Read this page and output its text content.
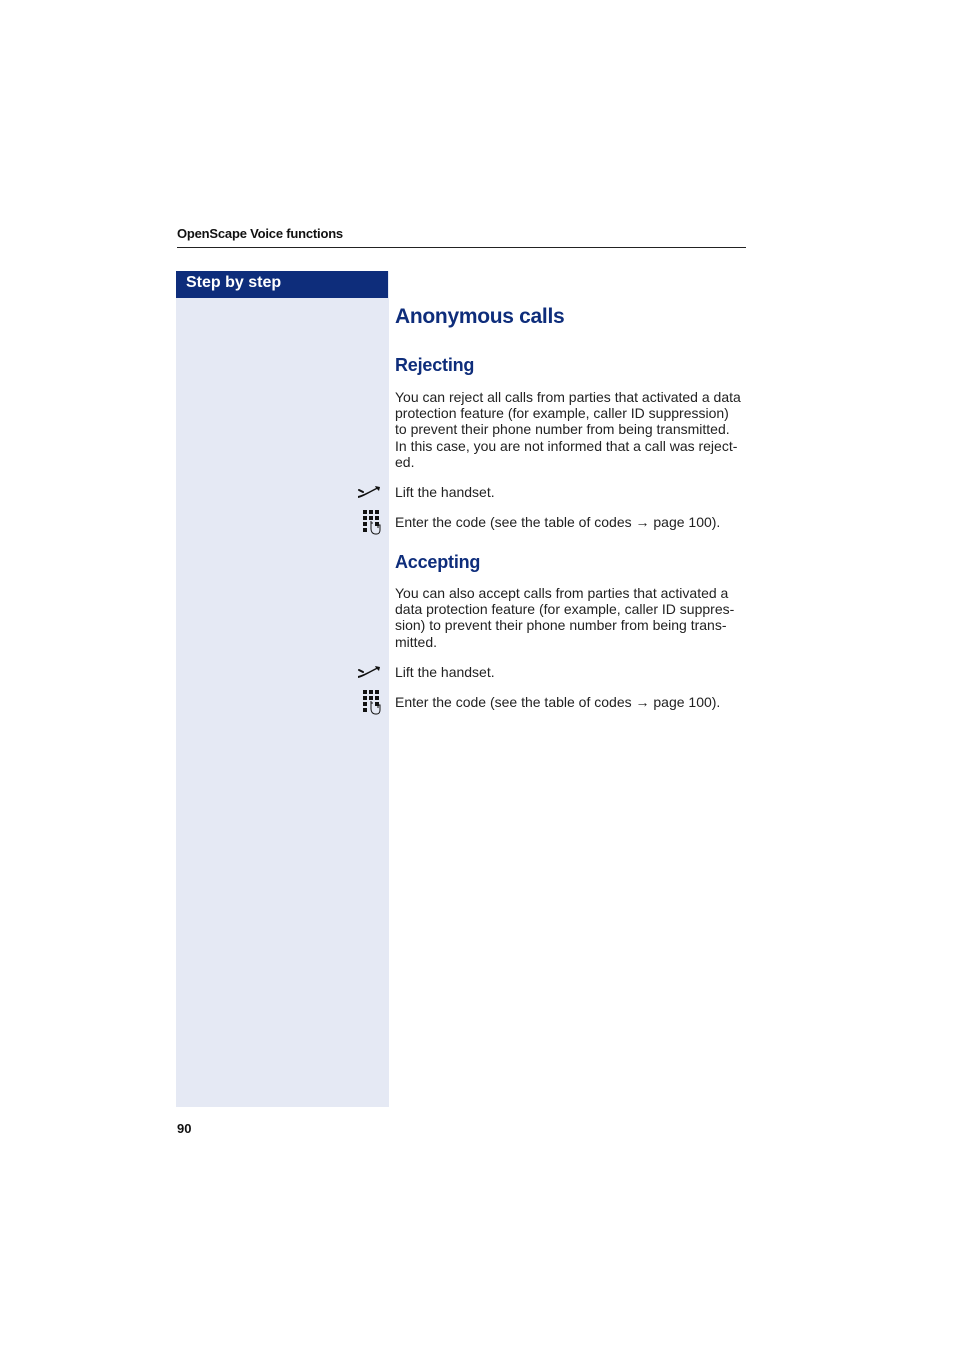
OpenScape Voice functions
Step by step
Anonymous calls
Rejecting

You can reject all calls from parties that activated a data
protection feature (for example, caller ID suppression)
to prevent their phone number from being transmitted.
In this case, you are not informed that a call was reject-
ed.

Lift the handset.
Enter the code (see the table of codes → page 100).
Accepting

You can also accept calls from parties that activated a
data protection feature (for example, caller ID suppres-
sion) to prevent their phone number from being trans-
mitted.

Lift the handset.
Enter the code (see the table of codes → page 100).
90
